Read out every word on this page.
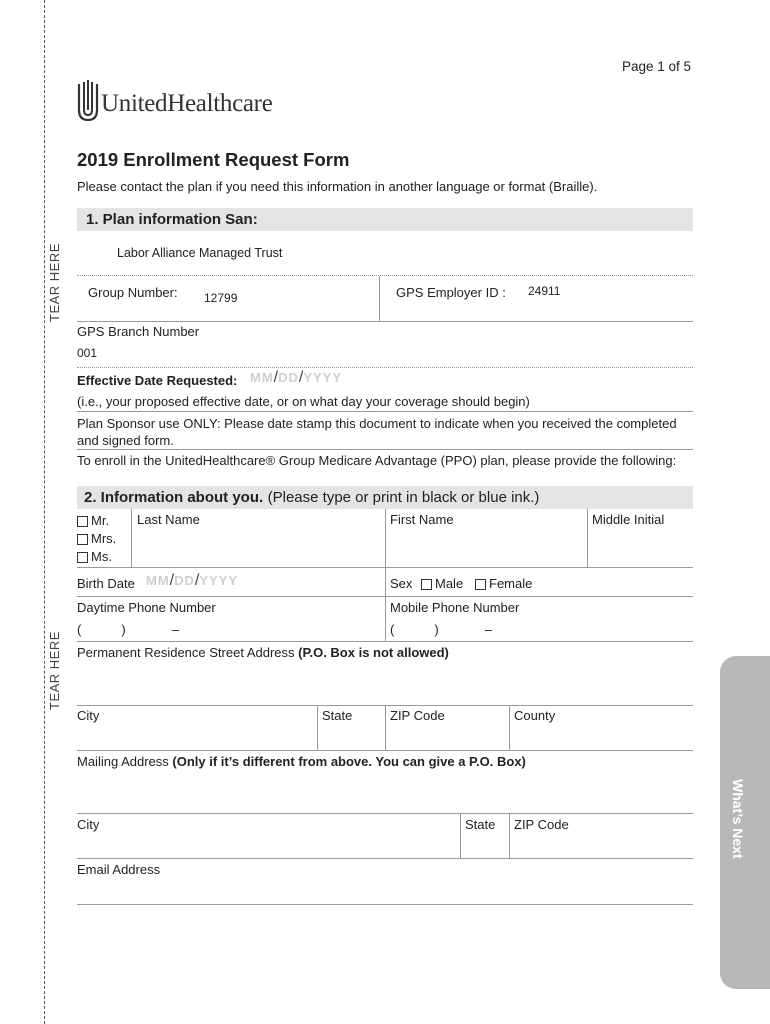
TEAR HERE
TEAR HERE
Page 1 of 5
UnitedHealthcare
2019 Enrollment Request Form
Please contact the plan if you need this information in another language or format (Braille).
1. Plan information San:
Labor Alliance Managed Trust
Group Number: 12799	GPS Employer ID : 24911
GPS Branch Number
001
Effective Date Requested: MM/DD/YYYY
(i.e., your proposed effective date, or on what day your coverage should begin)
Plan Sponsor use ONLY: Please date stamp this document to indicate when you received the completed and signed form.
To enroll in the UnitedHealthcare® Group Medicare Advantage (PPO) plan, please provide the following:
2. Information about you. (Please type or print in black or blue ink.)
Mr.
Mrs.
Ms.
Last Name	First Name	Middle Initial
Birth Date MM/DD/YYYY	Sex	Male	Female
Daytime Phone Number
(	)	–
Mobile Phone Number
(	)	–
Permanent Residence Street Address (P.O. Box is not allowed)
City	State	ZIP Code	County
Mailing Address (Only if it’s different from above. You can give a P.O. Box)
City	State ZIP Code
Email Address
What’s Next
